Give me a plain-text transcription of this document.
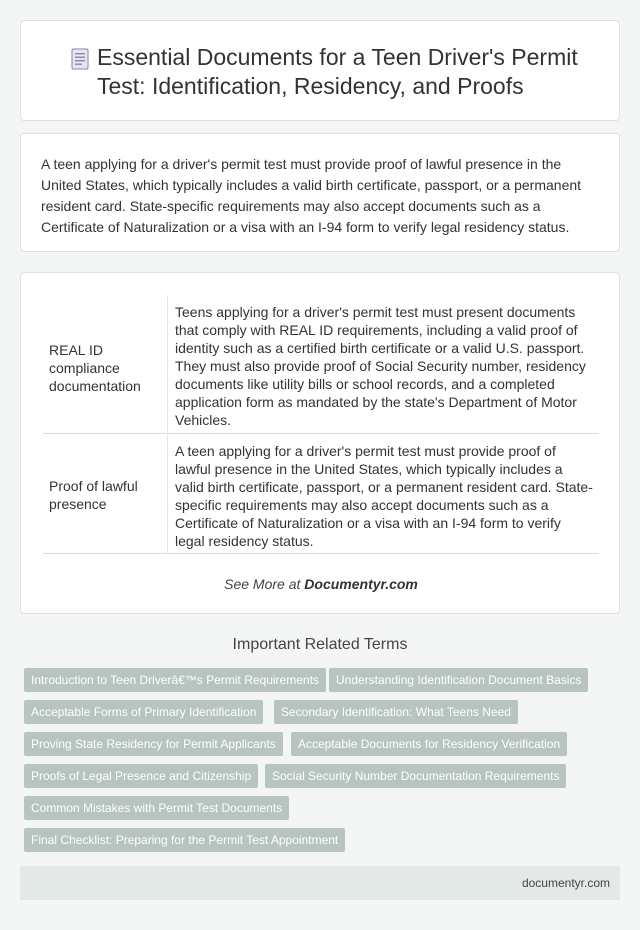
Essential Documents for a Teen Driver's Permit Test: Identification, Residency, and Proofs

A teen applying for a driver's permit test must provide proof of lawful presence in the United States, which typically includes a valid birth certificate, passport, or a permanent resident card. State-specific requirements may also accept documents such as a Certificate of Naturalization or a visa with an I-94 form to verify legal residency status.

REAL ID compliance documentation
Teens applying for a driver's permit test must present documents that comply with REAL ID requirements, including a valid proof of identity such as a certified birth certificate or a valid U.S. passport. They must also provide proof of Social Security number, residency documents like utility bills or school records, and a completed application form as mandated by the state's Department of Motor Vehicles.
Proof of lawful presence
A teen applying for a driver's permit test must provide proof of lawful presence in the United States, which typically includes a valid birth certificate, passport, or a permanent resident card. State-specific requirements may also accept documents such as a Certificate of Naturalization or a visa with an I-94 form to verify legal residency status.
See More at Documentyr.com
Important Related Terms
Introduction to Teen Driverâ€™s Permit Requirements	Understanding Identification Document Basics
Acceptable Forms of Primary Identification	Secondary Identification: What Teens Need
Proving State Residency for Permit Applicants	Acceptable Documents for Residency Verification
Proofs of Legal Presence and Citizenship	Social Security Number Documentation Requirements
Common Mistakes with Permit Test Documents
Final Checklist: Preparing for the Permit Test Appointment
documentyr.com
